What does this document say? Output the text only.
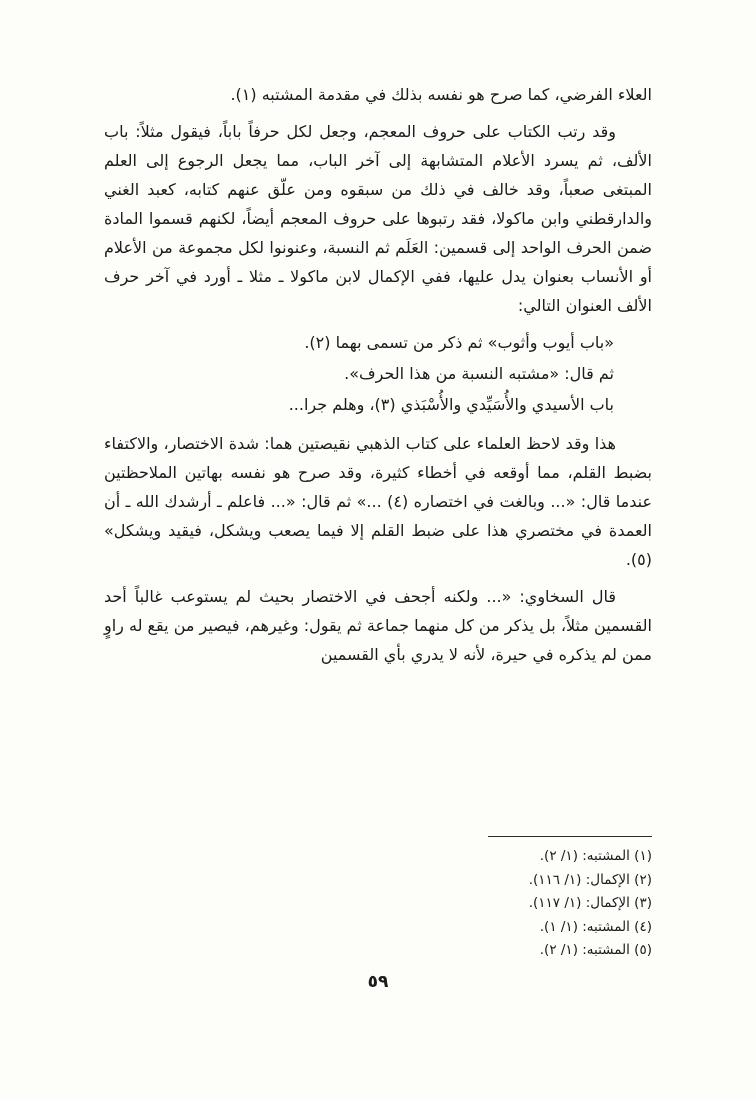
العلاء الفرضي، كما صرح هو نفسه بذلك في مقدمة المشتبه (١).

وقد رتب الكتاب على حروف المعجم، وجعل لكل حرفاً باباً، فيقول مثلاً: باب الألف، ثم يسرد الأعلام المتشابهة إلى آخر الباب، مما يجعل الرجوع إلى العلم المبتغى صعباً، وقد خالف في ذلك من سبقوه ومن علّق عنهم كتابه، كعبد الغني والدارقطني وابن ماكولا، فقد رتبوها على حروف المعجم أيضاً، لكنهم قسموا المادة ضمن الحرف الواحد إلى قسمين: العَلَم ثم النسبة، وعنونوا لكل مجموعة من الأعلام أو الأنساب بعنوان يدل عليها، ففي الإكمال لابن ماكولا ـ مثلا ـ أورد في آخر حرف الألف العنوان التالي:

«باب أيوب وأثوب» ثم ذكر من تسمى بهما (٢).

ثم قال: «مشتبه النسبة من هذا الحرف».

باب الأسيدي والأُسَيِّدي والأُسْبَذي (٣)، وهلم جرا...

هذا وقد لاحظ العلماء على كتاب الذهبي نقيصتين هما: شدة الاختصار، والاكتفاء بضبط القلم، مما أوقعه في أخطاء كثيرة، وقد صرح هو نفسه بهاتين الملاحظتين عندما قال: «... وبالغت في اختصاره (٤) ...» ثم قال: «... فاعلم ـ أرشدك الله ـ أن العمدة في مختصري هذا على ضبط القلم إلا فيما يصعب ويشكل، فيقيد ويشكل» (٥).

قال السخاوي: «... ولكنه أجحف في الاختصار بحيث لم يستوعب غالباً أحد القسمين مثلاً، بل يذكر من كل منهما جماعة ثم يقول: وغيرهم، فيصير من يقع له راوٍ ممن لم يذكره في حيرة، لأنه لا يدري بأي القسمين

(١) المشتبه: (١/ ٢).

(٢) الإكمال: (١/ ١١٦).

(٣) الإكمال: (١/ ١١٧).

(٤) المشتبه: (١/ ١).

(٥) المشتبه: (١/ ٢).

٥٩
